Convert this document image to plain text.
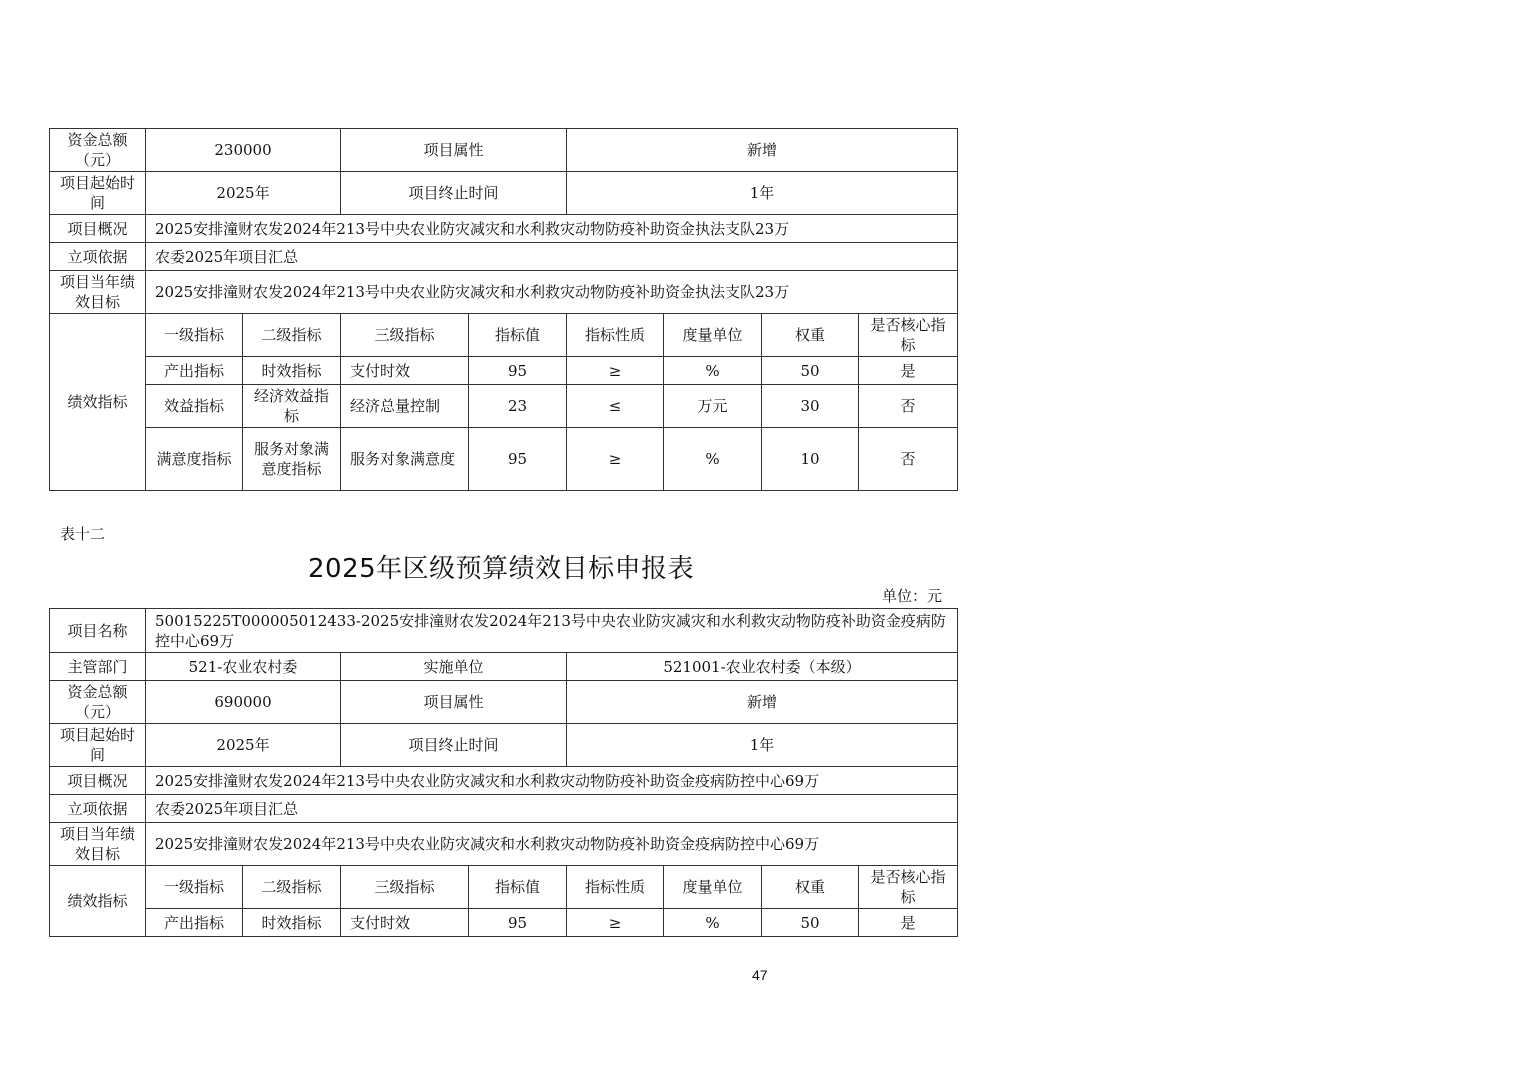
资金总额（元）	230000		项目属性		新增			
项目起始时间	2025年		项目终止时间		1年			
项目概况	2025安排潼财农发2024年213号中央农业防灾减灾和水利救灾动物防疫补助资金执法支队23万							
立项依据	农委2025年项目汇总							
项目当年绩效目标	2025安排潼财农发2024年213号中央农业防灾减灾和水利救灾动物防疫补助资金执法支队23万							
绩效指标	一级指标	二级指标	三级指标	指标值	指标性质	度量单位	权重	是否核心指标
	产出指标	时效指标	支付时效	95	≥	%	50	是
	效益指标	经济效益指标	经济总量控制	23	≤	万元	30	否
	满意度指标	服务对象满意度指标	服务对象满意度	95	≥	%	10	否
表十二
2025年区级预算绩效目标申报表
单位：元
项目名称	50015225T000005012433-2025安排潼财农发2024年213号中央农业防灾减灾和水利救灾动物防疫补助资金疫病防控中心69万							
主管部门	521-农业农村委		实施单位		521001-农业农村委（本级）			
资金总额（元）	690000		项目属性		新增			
项目起始时间	2025年		项目终止时间		1年			
项目概况	2025安排潼财农发2024年213号中央农业防灾减灾和水利救灾动物防疫补助资金疫病防控中心69万							
立项依据	农委2025年项目汇总							
项目当年绩效目标	2025安排潼财农发2024年213号中央农业防灾减灾和水利救灾动物防疫补助资金疫病防控中心69万							
绩效指标	一级指标	二级指标	三级指标	指标值	指标性质	度量单位	权重	是否核心指标
	产出指标	时效指标	支付时效	95	≥	%	50	是
47
